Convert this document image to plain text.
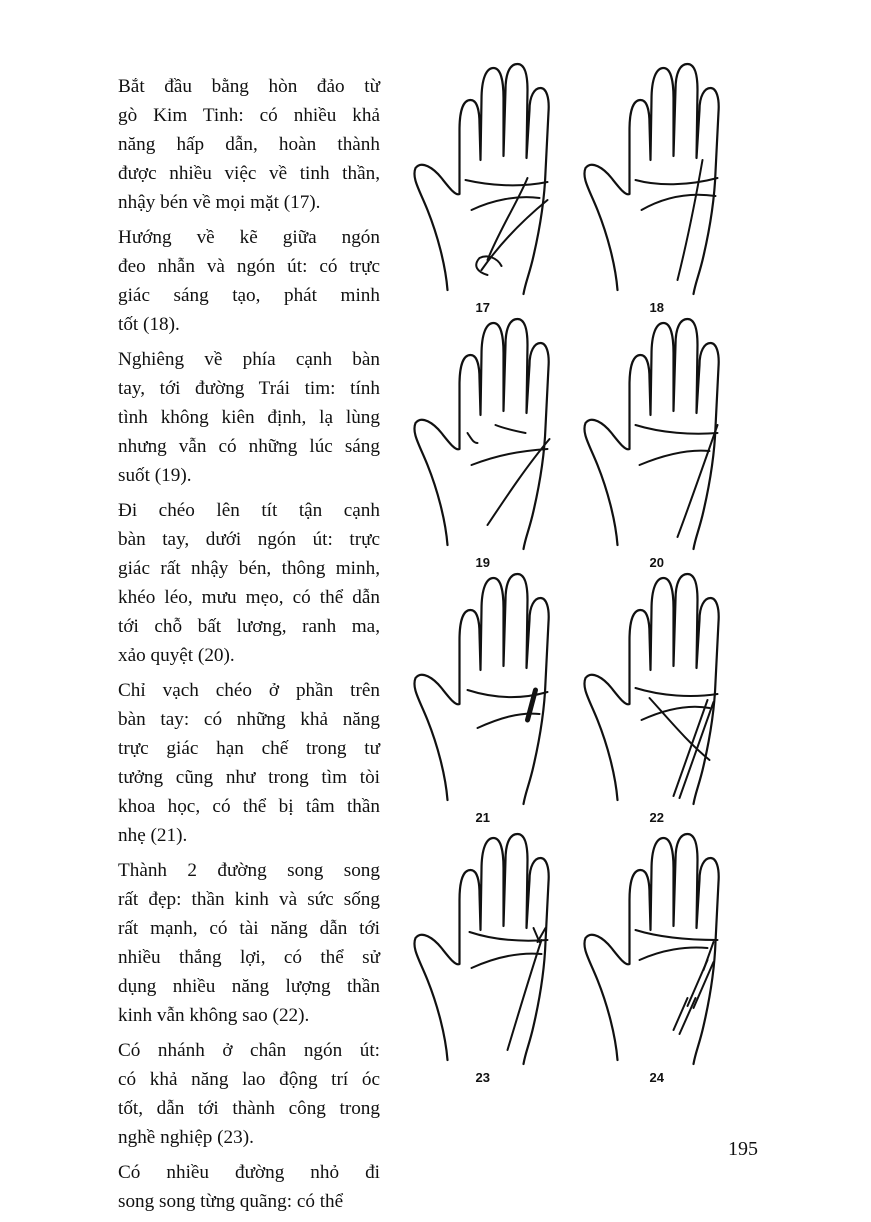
Bắt đầu bằng hòn đảo từ
gò Kim Tinh: có nhiều khả
năng hấp dẫn, hoàn thành
được nhiều việc về tinh thần,
nhậy bén về mọi mặt (17).
Hướng về kẽ giữa ngón
đeo nhẫn và ngón út: có trực
giác sáng tạo, phát minh
tốt (18).
Nghiêng về phía cạnh bàn
tay, tới đường Trái tim: tính
tình không kiên định, lạ lùng
nhưng vẫn có những lúc sáng
suốt (19).
Đi chéo lên tít tận cạnh
bàn tay, dưới ngón út: trực
giác rất nhậy bén, thông minh,
khéo léo, mưu mẹo, có thể dẫn
tới chỗ bất lương, ranh ma,
xảo quyệt (20).
Chỉ vạch chéo ở phần trên
bàn tay: có những khả năng
trực giác hạn chế trong tư
tưởng cũng như trong tìm tòi
khoa học, có thể bị tâm thần
nhẹ (21).
Thành 2 đường song song
rất đẹp: thần kinh và sức sống
rất mạnh, có tài năng dẫn tới
nhiều thắng lợi, có thể sử
dụng nhiều năng lượng thần
kinh vẫn không sao (22).
Có nhánh ở chân ngón út:
có khả năng lao động trí óc
tốt, dẫn tới thành công trong
nghề nghiệp (23).
Có nhiều đường nhỏ đi
song song từng quãng: có thể
17	18
19	20
21	22
23	24
195
